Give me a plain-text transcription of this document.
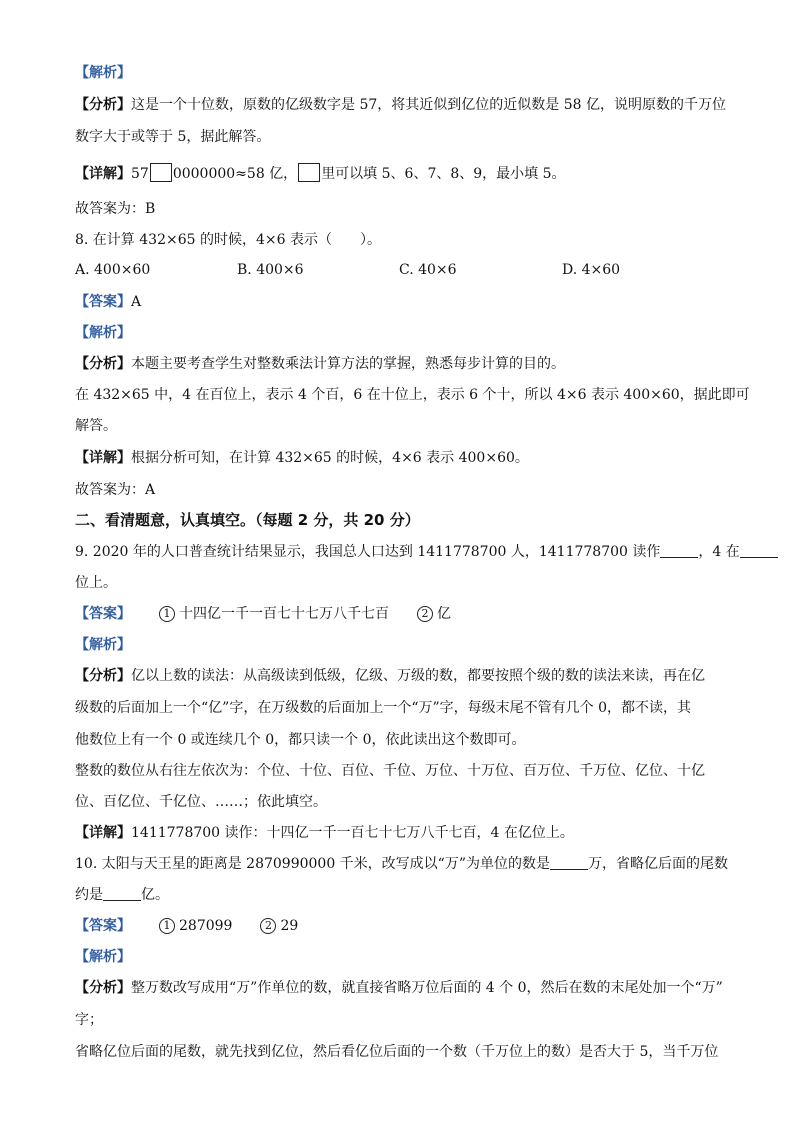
【解析】
【分析】这是一个十位数，原数的亿级数字是 57，将其近似到亿位的近似数是 58 亿，说明原数的千万位
数字大于或等于 5，据此解答。
【详解】57 0000000≈58 亿， 里可以填 5、6、7、8、9，最小填 5。
故答案为：B
8. 在计算 432×65 的时候，4×6 表示（　　）。
A. 400×60	B. 400×6	C. 40×6	D. 4×60
【答案】A
【解析】
【分析】本题主要考查学生对整数乘法计算方法的掌握，熟悉每步计算的目的。
在 432×65 中，4 在百位上，表示 4 个百，6 在十位上，表示 6 个十，所以 4×6 表示 400×60，据此即可
解答。
【详解】根据分析可知，在计算 432×65 的时候，4×6 表示 400×60。
故答案为：A
二、看清题意，认真填空。（每题 2 分，共 20 分）
9. 2020 年的人口普查统计结果显示，我国总人口达到 1411778700 人，1411778700 读作	，4 在
位上。
【答案】	1 十四亿一千一百七十七万八千七百	2 亿
【解析】
【分析】亿以上数的读法：从高级读到低级，亿级、万级的数，都要按照个级的数的读法来读，再在亿
级数的后面加上一个“亿”字，在万级数的后面加上一个“万”字，每级末尾不管有几个 0，都不读，其
他数位上有一个 0 或连续几个 0，都只读一个 0，依此读出这个数即可。
整数的数位从右往左依次为：个位、十位、百位、千位、万位、十万位、百万位、千万位、亿位、十亿
位、百亿位、千亿位、……；依此填空。
【详解】1411778700 读作：十四亿一千一百七十七万八千七百，4 在亿位上。
10. 太阳与天王星的距离是 2870990000 千米，改写成以“万”为单位的数是	万，省略亿后面的尾数
约是	亿。
【答案】	1 287099	2 29
【解析】
【分析】整万数改写成用“万”作单位的数，就直接省略万位后面的 4 个 0，然后在数的末尾处加一个“万”
字；
省略亿位后面的尾数，就先找到亿位，然后看亿位后面的一个数（千万位上的数）是否大于 5，当千万位
